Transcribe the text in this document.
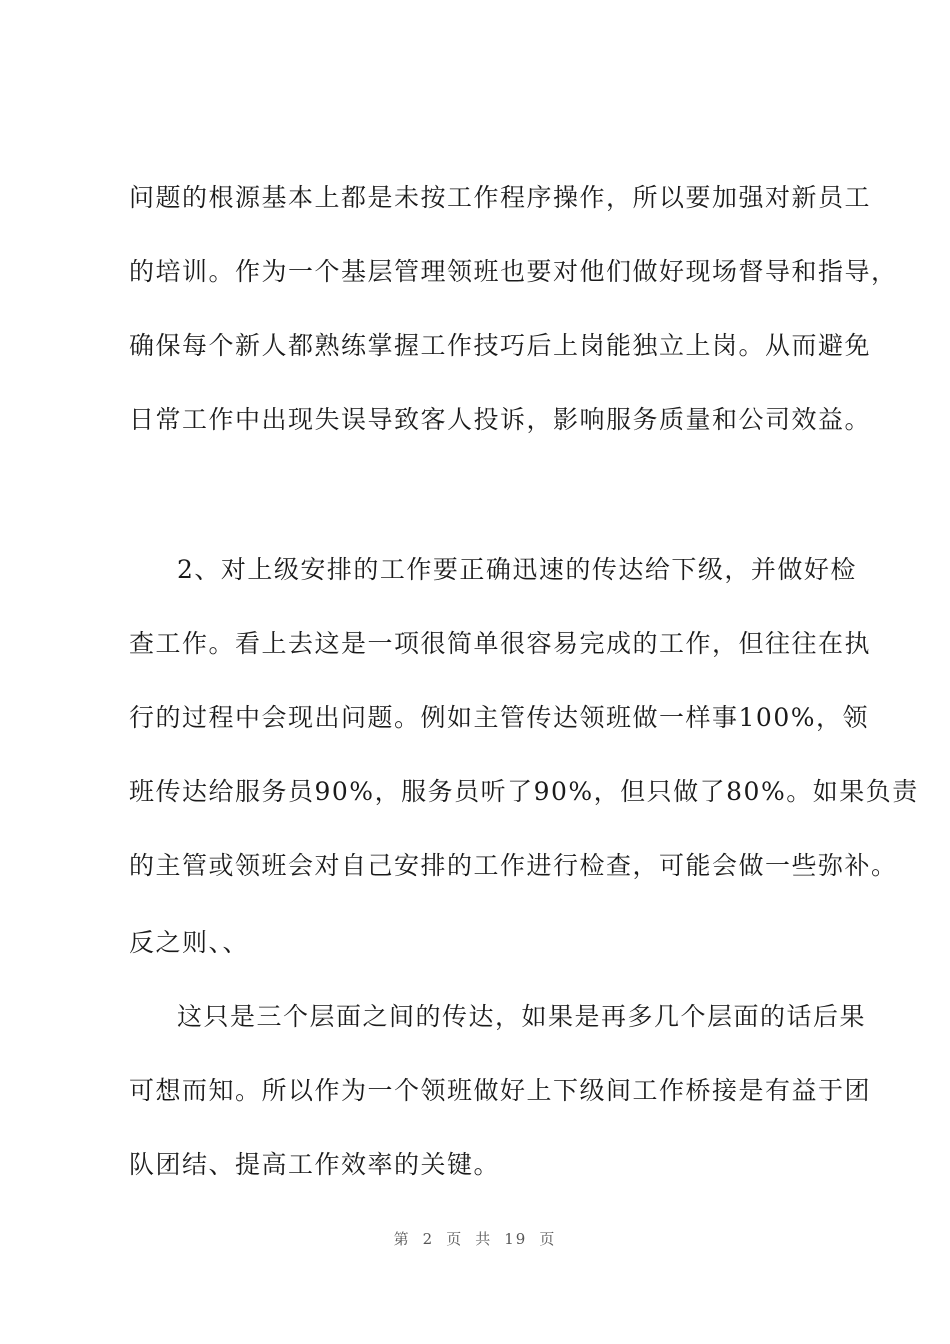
问题的根源基本上都是未按工作程序操作，所以要加强对新员工
的培训。作为一个基层管理领班也要对他们做好现场督导和指导，
确保每个新人都熟练掌握工作技巧后上岗能独立上岗。从而避免
日常工作中出现失误导致客人投诉，影响服务质量和公司效益。
2、对上级安排的工作要正确迅速的传达给下级，并做好检
查工作。看上去这是一项很简单很容易完成的工作，但往往在执
行的过程中会现出问题。例如主管传达领班做一样事100%，领
班传达给服务员90%，服务员听了90%，但只做了80%。如果负责
的主管或领班会对自己安排的工作进行检查，可能会做一些弥补。
反之则、、
这只是三个层面之间的传达，如果是再多几个层面的话后果
可想而知。所以作为一个领班做好上下级间工作桥接是有益于团
队团结、提高工作效率的关键。
第 2 页 共 19 页
